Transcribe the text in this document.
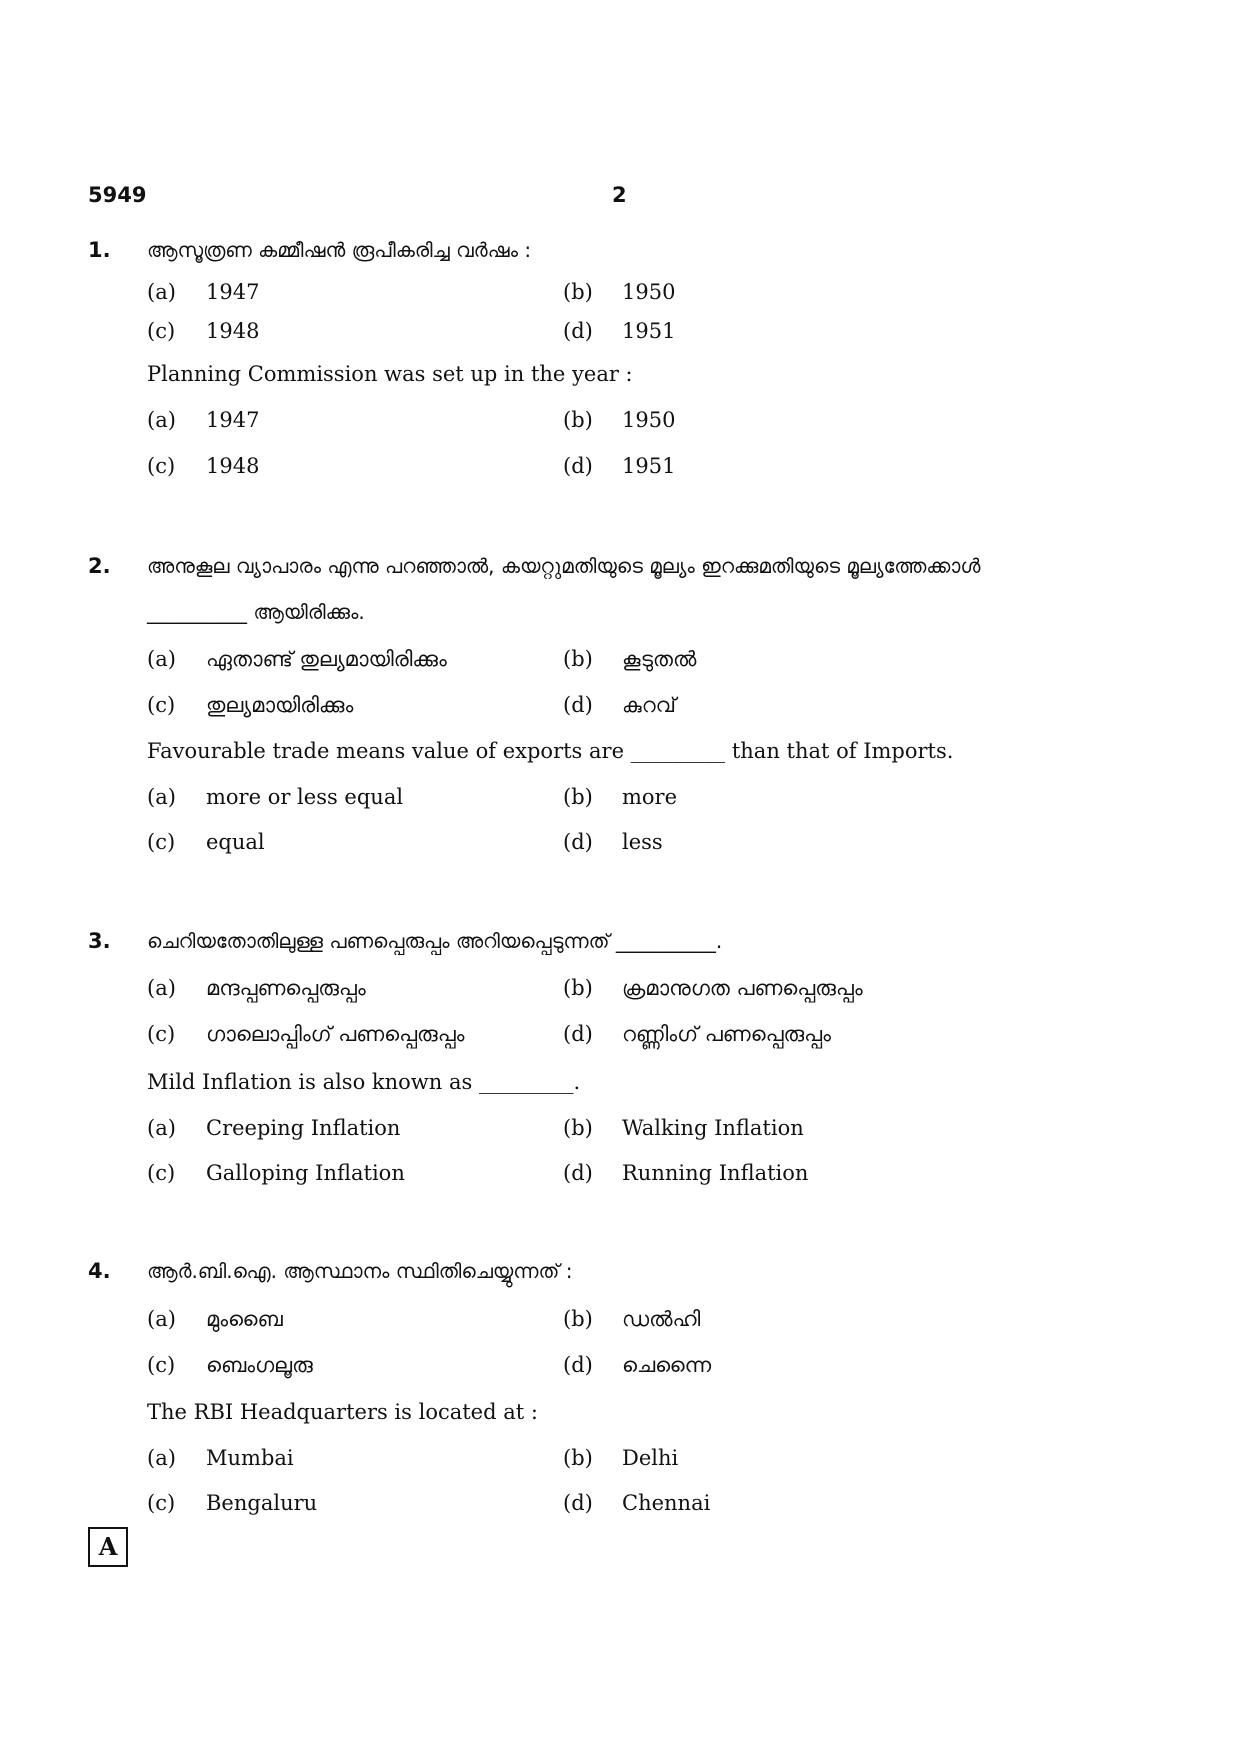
5949	2
1. ആസൂത്രണ കമ്മീഷൻ രൂപീകരിച്ച വർഷം :
(a) 1947	(b) 1950
(c) 1948	(d) 1951
Planning Commission was set up in the year :
(a) 1947	(b) 1950
(c) 1948	(d) 1951
2. അനുകൂല വ്യാപാരം എന്നു പറഞ്ഞാൽ, കയറ്റുമതിയുടെ മൂല്യം ഇറക്കുമതിയുടെ മൂല്യത്തേക്കാൾ
__________ ആയിരിക്കും.
(a) ഏതാണ്ട് തുല്യമായിരിക്കും	(b) കൂടുതൽ
(c) തുല്യമായിരിക്കും	(d) കുറവ്
Favourable trade means value of exports are _________ than that of Imports.
(a) more or less equal	(b) more
(c) equal	(d) less
3. ചെറിയതോതിലുള്ള പണപ്പെരുപ്പം അറിയപ്പെടുന്നത് __________.
(a) മന്ദപ്പണപ്പെരുപ്പം	(b) ക്രമാനുഗത പണപ്പെരുപ്പം
(c) ഗാലൊപ്പിംഗ് പണപ്പെരുപ്പം	(d) റണ്ണിംഗ് പണപ്പെരുപ്പം
Mild Inflation is also known as _________.
(a) Creeping Inflation	(b) Walking Inflation
(c) Galloping Inflation	(d) Running Inflation
4. ആർ.ബി.ഐ. ആസ്ഥാനം സ്ഥിതിചെയ്യുന്നത് :
(a) മുംബൈ	(b) ഡൽഹി
(c) ബെംഗലൂരു	(d) ചെന്നൈ
The RBI Headquarters is located at :
(a) Mumbai	(b) Delhi
(c) Bengaluru	(d) Chennai
A
